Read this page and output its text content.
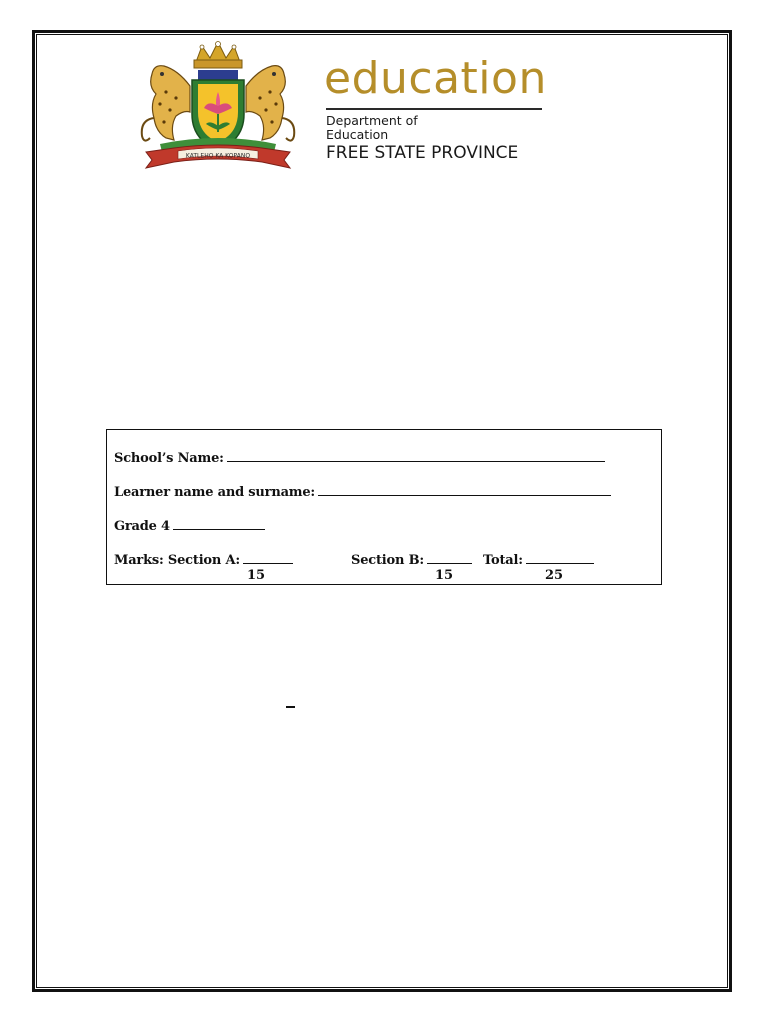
KATLEHO KA KOPANO
education
Department of
Education
FREE STATE PROVINCE
School’s Name:
Learner name and surname:
Grade 4
Marks: Section A:	Section B:	Total:
15	15	25
